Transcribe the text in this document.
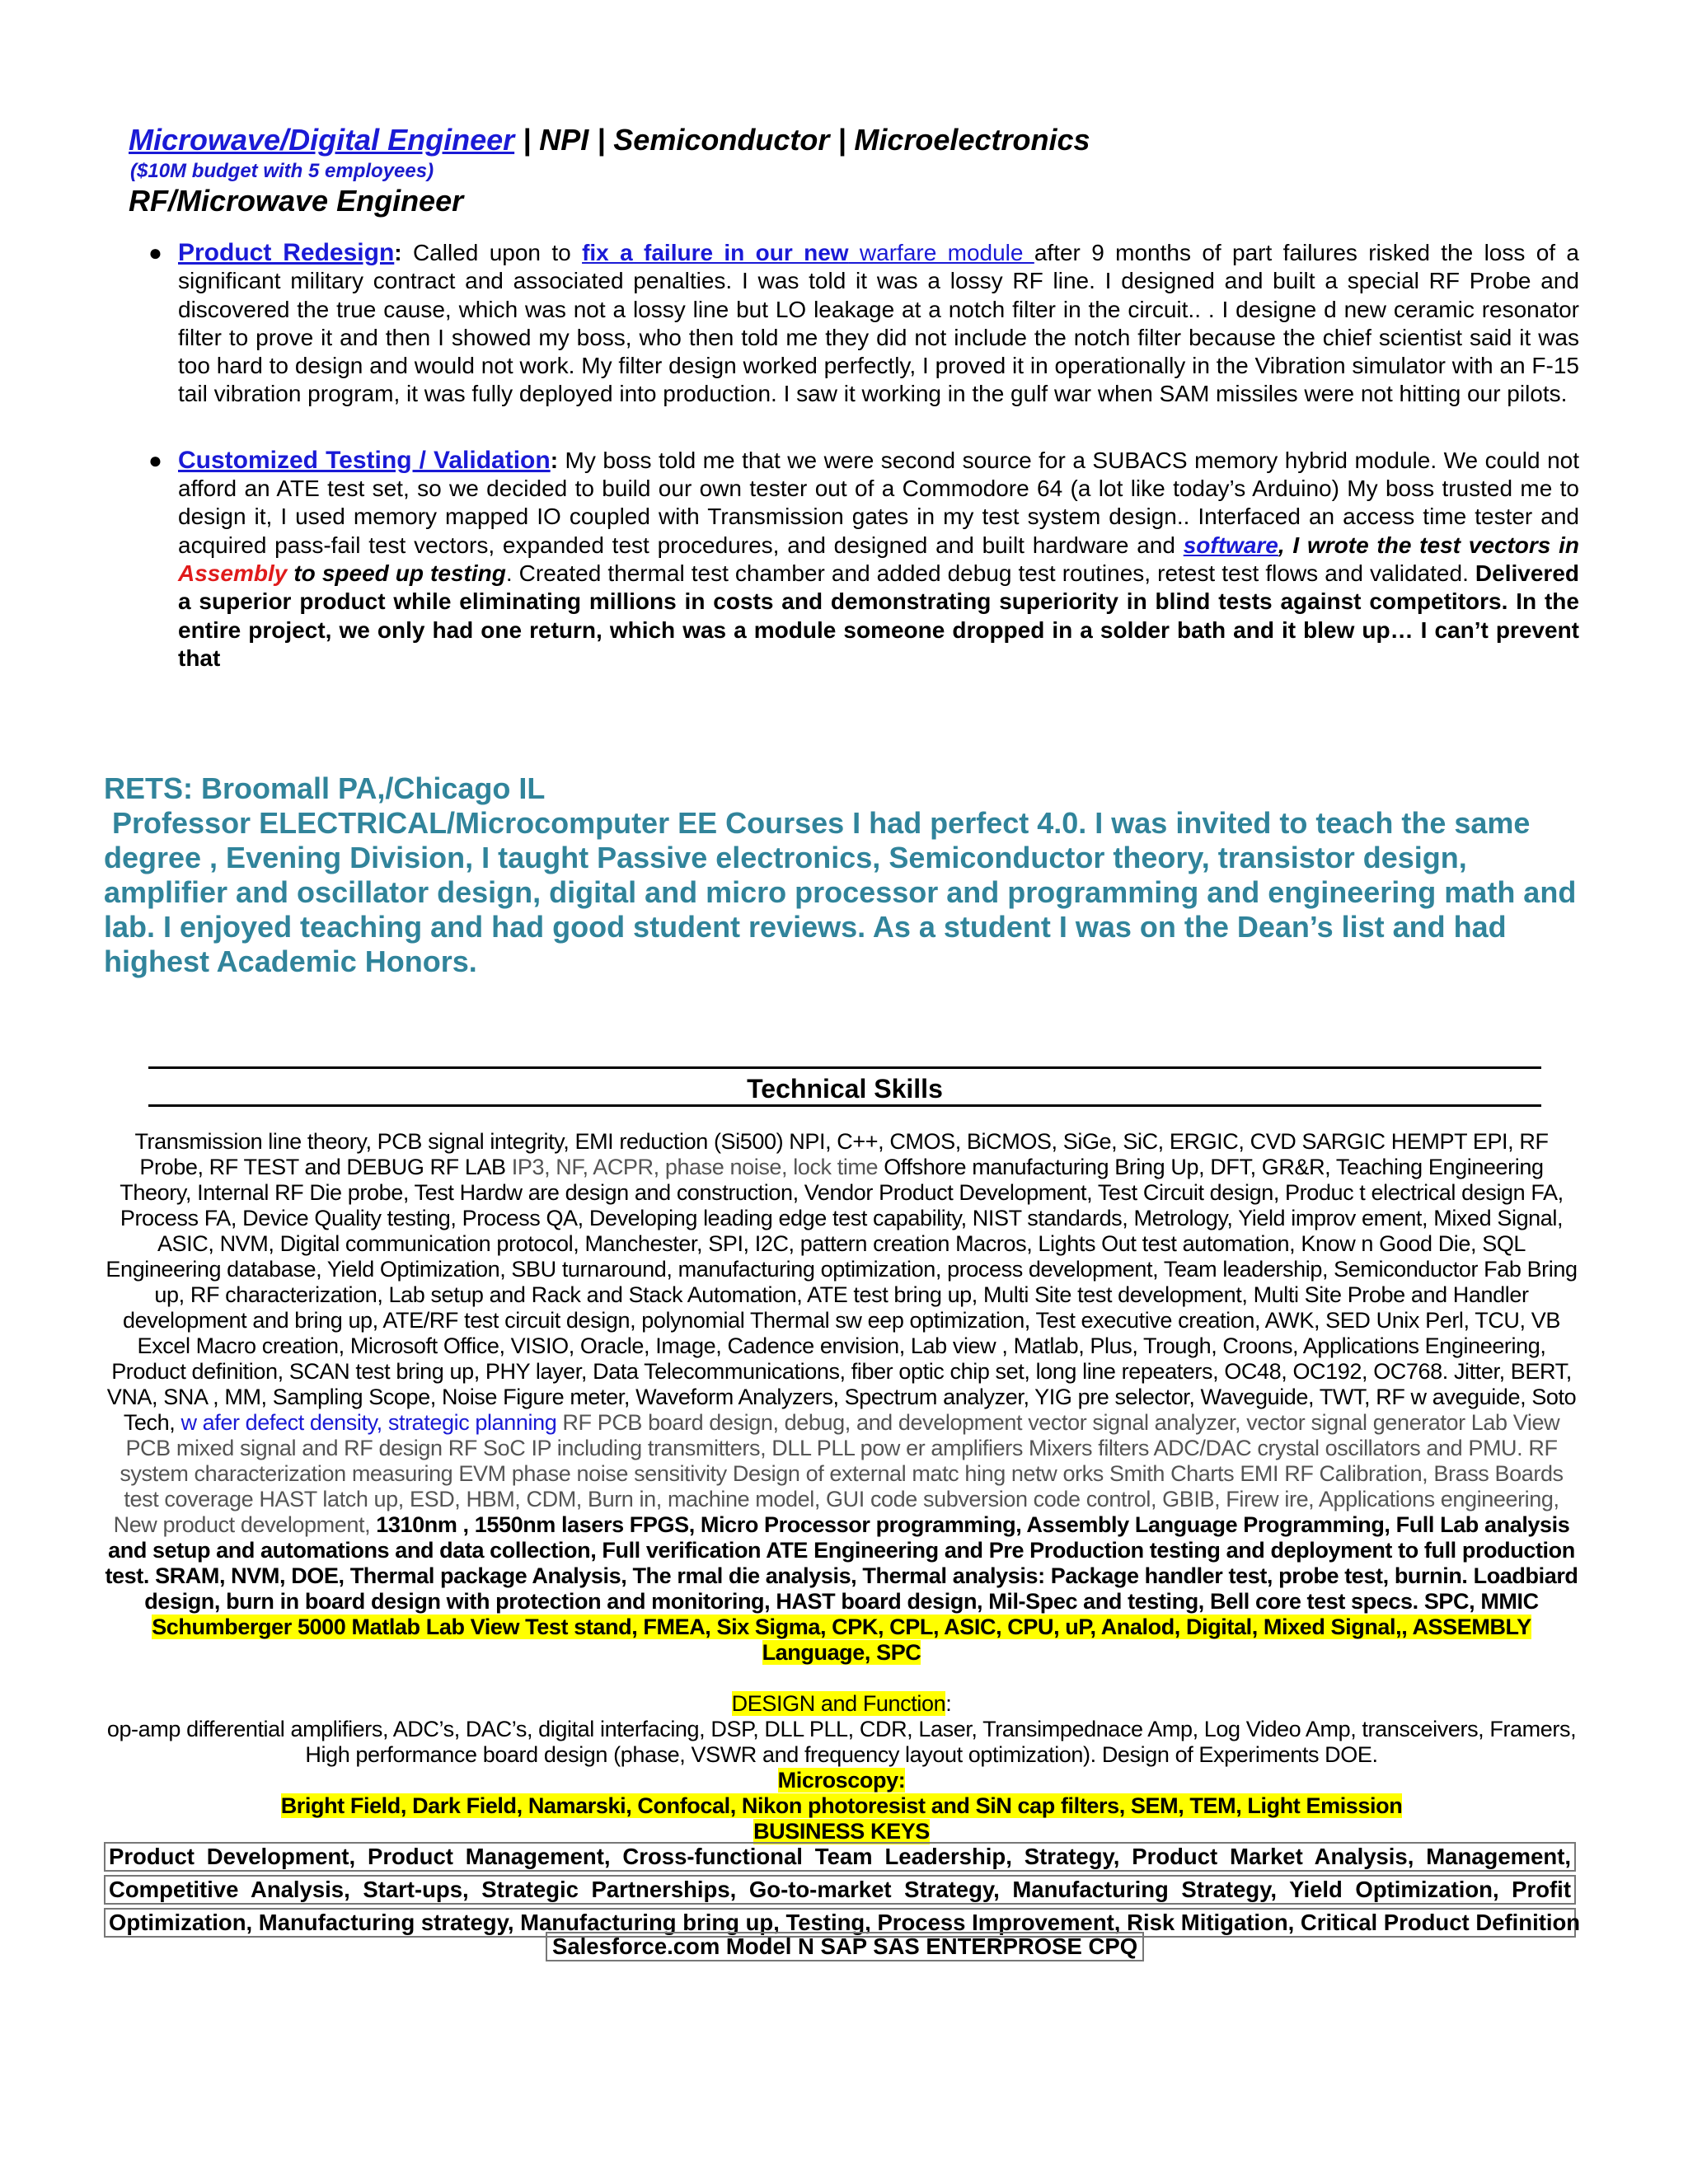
Microwave/Digital Engineer | NPI | Semiconductor | Microelectronics
($10M budget with 5 employees)
RF/Microwave Engineer
● Product Redesign: Called upon to fix a failure in our new warfare module after 9 months of part failures risked the loss of a significant military contract and associated penalties. I was told it was a lossy RF line. I designed and built a special RF Probe and discovered the true cause, which was not a lossy line but LO leakage at a notch filter in the circuit.. . I designe d new ceramic resonator filter to prove it and then I showed my boss, who then told me they did not include the notch filter because the chief scientist said it was too hard to design and would not work. My filter design worked perfectly, I proved it in operationally in the Vibration simulator with an F-15 tail vibration program, it was fully deployed into production. I saw it working in the gulf war when SAM missiles were not hitting our pilots.
● Customized Testing / Validation: My boss told me that we were second source for a SUBACS memory hybrid module. We could not afford an ATE test set, so we decided to build our own tester out of a Commodore 64 (a lot like today’s Arduino) My boss trusted me to design it, I used memory mapped IO coupled with Transmission gates in my test system design.. Interfaced an access time tester and acquired pass-fail test vectors, expanded test procedures, and designed and built hardware and software, I wrote the test vectors in Assembly to speed up testing. Created thermal test chamber and added debug test routines, retest test flows and validated. Delivered a superior product while eliminating millions in costs and demonstrating superiority in blind tests against competitors. In the entire project, we only had one return, which was a module someone dropped in a solder bath and it blew up… I can’t prevent that
RETS: Broomall PA,/Chicago IL
Professor ELECTRICAL/Microcomputer EE Courses I had perfect 4.0. I was invited to teach the same degree , Evening Division, I taught Passive electronics, Semiconductor theory, transistor design, amplifier and oscillator design, digital and micro processor and programming and engineering math and lab. I enjoyed teaching and had good student reviews. As a student I was on the Dean’s list and had highest Academic Honors.
Technical Skills

Transmission line theory, PCB signal integrity, EMI reduction (Si500) NPI, C++, CMOS, BiCMOS, SiGe, SiC, ERGIC, CVD SARGIC HEMPT EPI, RF Probe, RF TEST and DEBUG RF LAB IP3, NF, ACPR, phase noise, lock time Offshore manufacturing Bring Up, DFT, GR&R, Teaching Engineering Theory, Internal RF Die probe, Test Hardw are design and construction, Vendor Product Development, Test Circuit design, Produc t electrical design FA, Process FA, Device Quality testing, Process QA, Developing leading edge test capability, NIST standards, Metrology, Yield improv ement, Mixed Signal, ASIC, NVM, Digital communication protocol, Manchester, SPI, I2C, pattern creation Macros, Lights Out test automation, Know n Good Die, SQL Engineering database, Yield Optimization, SBU turnaround, manufacturing optimization, process development, Team leadership, Semiconductor Fab Bring up, RF characterization, Lab setup and Rack and Stack Automation, ATE test bring up, Multi Site test development, Multi Site Probe and Handler development and bring up, ATE/RF test circuit design, polynomial Thermal sw eep optimization, Test executive creation, AWK, SED Unix Perl, TCU, VB Excel Macro creation, Microsoft Office, VISIO, Oracle, Image, Cadence envision, Lab view , Matlab, Plus, Trough, Croons, Applications Engineering, Product definition, SCAN test bring up, PHY layer, Data Telecommunications, fiber optic chip set, long line repeaters, OC48, OC192, OC768. Jitter, BERT, VNA, SNA , MM, Sampling Scope, Noise Figure meter, Waveform Analyzers, Spectrum analyzer, YIG pre selector, Waveguide, TWT, RF w aveguide, Soto Tech, w afer defect density, strategic planning RF PCB board design, debug, and development vector signal analyzer, vector signal generator Lab View PCB mixed signal and RF design RF SoC IP including transmitters, DLL PLL pow er amplifiers Mixers filters ADC/DAC crystal oscillators and PMU. RF system characterization measuring EVM phase noise sensitivity Design of external matc hing netw orks Smith Charts EMI RF Calibration, Brass Boards test coverage HAST latch up, ESD, HBM, CDM, Burn in, machine model, GUI code subversion code control, GBIB, Firew ire, Applications engineering, New product development, 1310nm , 1550nm lasers FPGS, Micro Processor programming, Assembly Language Programming, Full Lab analysis and setup and automations and data collection, Full verification ATE Engineering and Pre Production testing and deployment to full production test. SRAM, NVM, DOE, Thermal package Analysis, The rmal die analysis, Thermal analysis: Package handler test, probe test, burnin. Loadbiard design, burn in board design with protection and monitoring, HAST board design, Mil-Spec and testing, Bell core test specs. SPC, MMIC Schumberger 5000 Matlab Lab View Test stand, FMEA, Six Sigma, CPK, CPL, ASIC, CPU, uP, Analod, Digital, Mixed Signal,, ASSEMBLY Language, SPC

DESIGN and Function:

op-amp differential amplifiers, ADC’s, DAC’s, digital interfacing, DSP, DLL PLL, CDR, Laser, Transimpednace Amp, Log Video Amp, transceivers, Framers, High performance board design (phase, VSWR and frequency layout optimization). Design of Experiments DOE.

Microscopy:

Bright Field, Dark Field, Namarski, Confocal, Nikon photoresist and SiN cap filters, SEM, TEM, Light Emission

BUSINESS KEYS

Product Development, Product Management, Cross-functional Team Leadership, Strategy, Product Market Analysis, Management,
Competitive Analysis, Start-ups, Strategic Partnerships, Go-to-market Strategy, Manufacturing Strategy, Yield Optimization, Profit
Optimization, Manufacturing strategy, Manufacturing bring up, Testing, Process Improvement, Risk Mitigation, Critical Product Definition
Salesforce.com Model N SAP SAS ENTERPROSE CPQ
